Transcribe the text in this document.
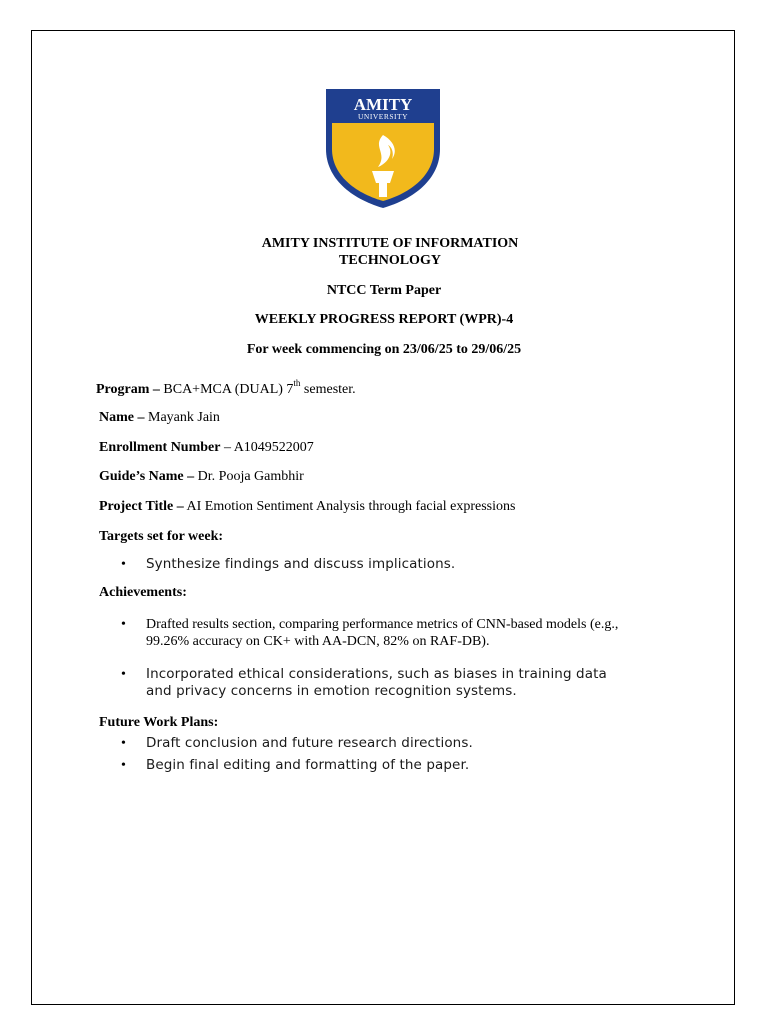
AMITY
UNIVERSITY
AMITY INSTITUTE OF INFORMATION TECHNOLOGY
NTCC Term Paper
WEEKLY PROGRESS REPORT (WPR)-4
For week commencing on 23/06/25 to 29/06/25
Program – BCA+MCA (DUAL) 7th semester.
Name – Mayank Jain
Enrollment Number – A1049522007
Guide’s Name – Dr. Pooja Gambhir
Project Title – AI Emotion Sentiment Analysis through facial expressions
Targets set for week:
• Synthesize findings and discuss implications.
Achievements:
• Drafted results section, comparing performance metrics of CNN-based models (e.g., 99.26% accuracy on CK+ with AA-DCN, 82% on RAF-DB).
• Incorporated ethical considerations, such as biases in training data and privacy concerns in emotion recognition systems.
Future Work Plans:
• Draft conclusion and future research directions.
• Begin final editing and formatting of the paper.
